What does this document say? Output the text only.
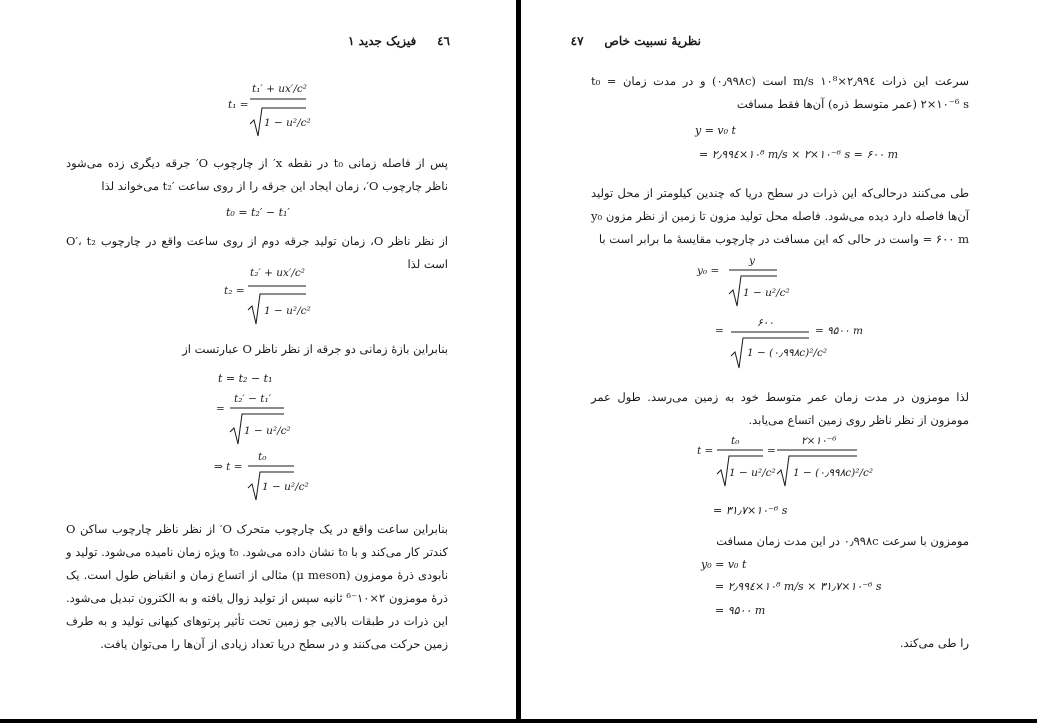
٤٦     فیزیک جدید ۱
t₁ =
t₁′ + ux′/c²
1 − u²/c²
پس از فاصله زمانی t₀ در نقطه x′ از چارچوب O′ جرقه دیگری زده می‌شود ناظر چارچوب O′، زمان ایجاد این جرقه را از روی ساعت t₂′ می‌خواند لذا
t₀ = t₂′ − t₁′
از نظر ناظر O، زمان تولید جرقه دوم از روی ساعت واقع در چارچوب O′، t₂ است لذا
t₂ =
t₂′ + ux′/c²
1 − u²/c²
بنابراین بازهٔ زمانی دو جرقه از نظر ناظر O عبارتست از
t = t₂ − t₁
=
t₂′ − t₁′
1 − u²/c²
⇒ t =
t₀
1 − u²/c²
بنابراین ساعت واقع در یک چارچوب متحرک O′ از نظر ناظر چارچوب ساکن O کندتر کار می‌کند و با t₀ نشان داده می‌شود. t₀ ویژه زمان نامیده می‌شود. تولید و نابودی ذرهٔ مومزون (μ meson) مثالی از اتساع زمان و انقباض طول است. یک ذرهٔ مومزون ۲×۱۰⁻⁶ ثانیه سپس از تولید زوال یافته و به الکترون تبدیل می‌شود. این ذرات در طبقات بالایی جو زمین تحت تأثیر پرتوهای کیهانی تولید و به طرف زمین حرکت می‌کنند و در سطح دریا تعداد زیادی از آن‌ها را می‌توان یافت.
نظریهٔ نسبیت خاص     ٤٧
سرعت این ذرات ۲٫۹۹٤×۱۰⁸ m/s است (۰٫۹۹۸c) و در مدت زمان t₀ = ۲×۱۰⁻⁶ s (عمر متوسط ذره) آن‌ها فقط مسافت
y = v₀ t
= ۲٫۹۹٤×۱۰⁸ m/s × ۲×۱۰⁻⁶ s = ۶۰۰ m
طی می‌کنند درحالی‌که این ذرات در سطح دریا که چندین کیلومتر از محل تولید آن‌ها فاصله دارد دیده می‌شود. فاصله محل تولید مزون تا زمین از نظر مزون y₀ = ۶۰۰ m واست در حالی که این مسافت در چارچوب مقایسهٔ ما برابر است با
y₀ =
y
1 − u²/c²
=
۶۰۰
1 − (۰٫۹۹۸c)²/c²
= ۹۵۰۰ m
لذا مومزون در مدت زمان عمر متوسط خود به زمین می‌رسد. طول عمر مومزون از نظر ناظر روی زمین اتساع می‌یابد.
t =
t₀
1 − u²/c²
=
۲×۱۰⁻⁶
1 − (۰٫۹۹۸c)²/c²
= ۳۱٫۷×۱۰⁻⁶ s
مومزون با سرعت ۰٫۹۹۸c در این مدت زمان مسافت
y₀ = v₀ t
= ۲٫۹۹٤×۱۰⁸ m/s × ۳۱٫۷×۱۰⁻⁶ s
= ۹۵۰۰ m
را طی می‌کند.
